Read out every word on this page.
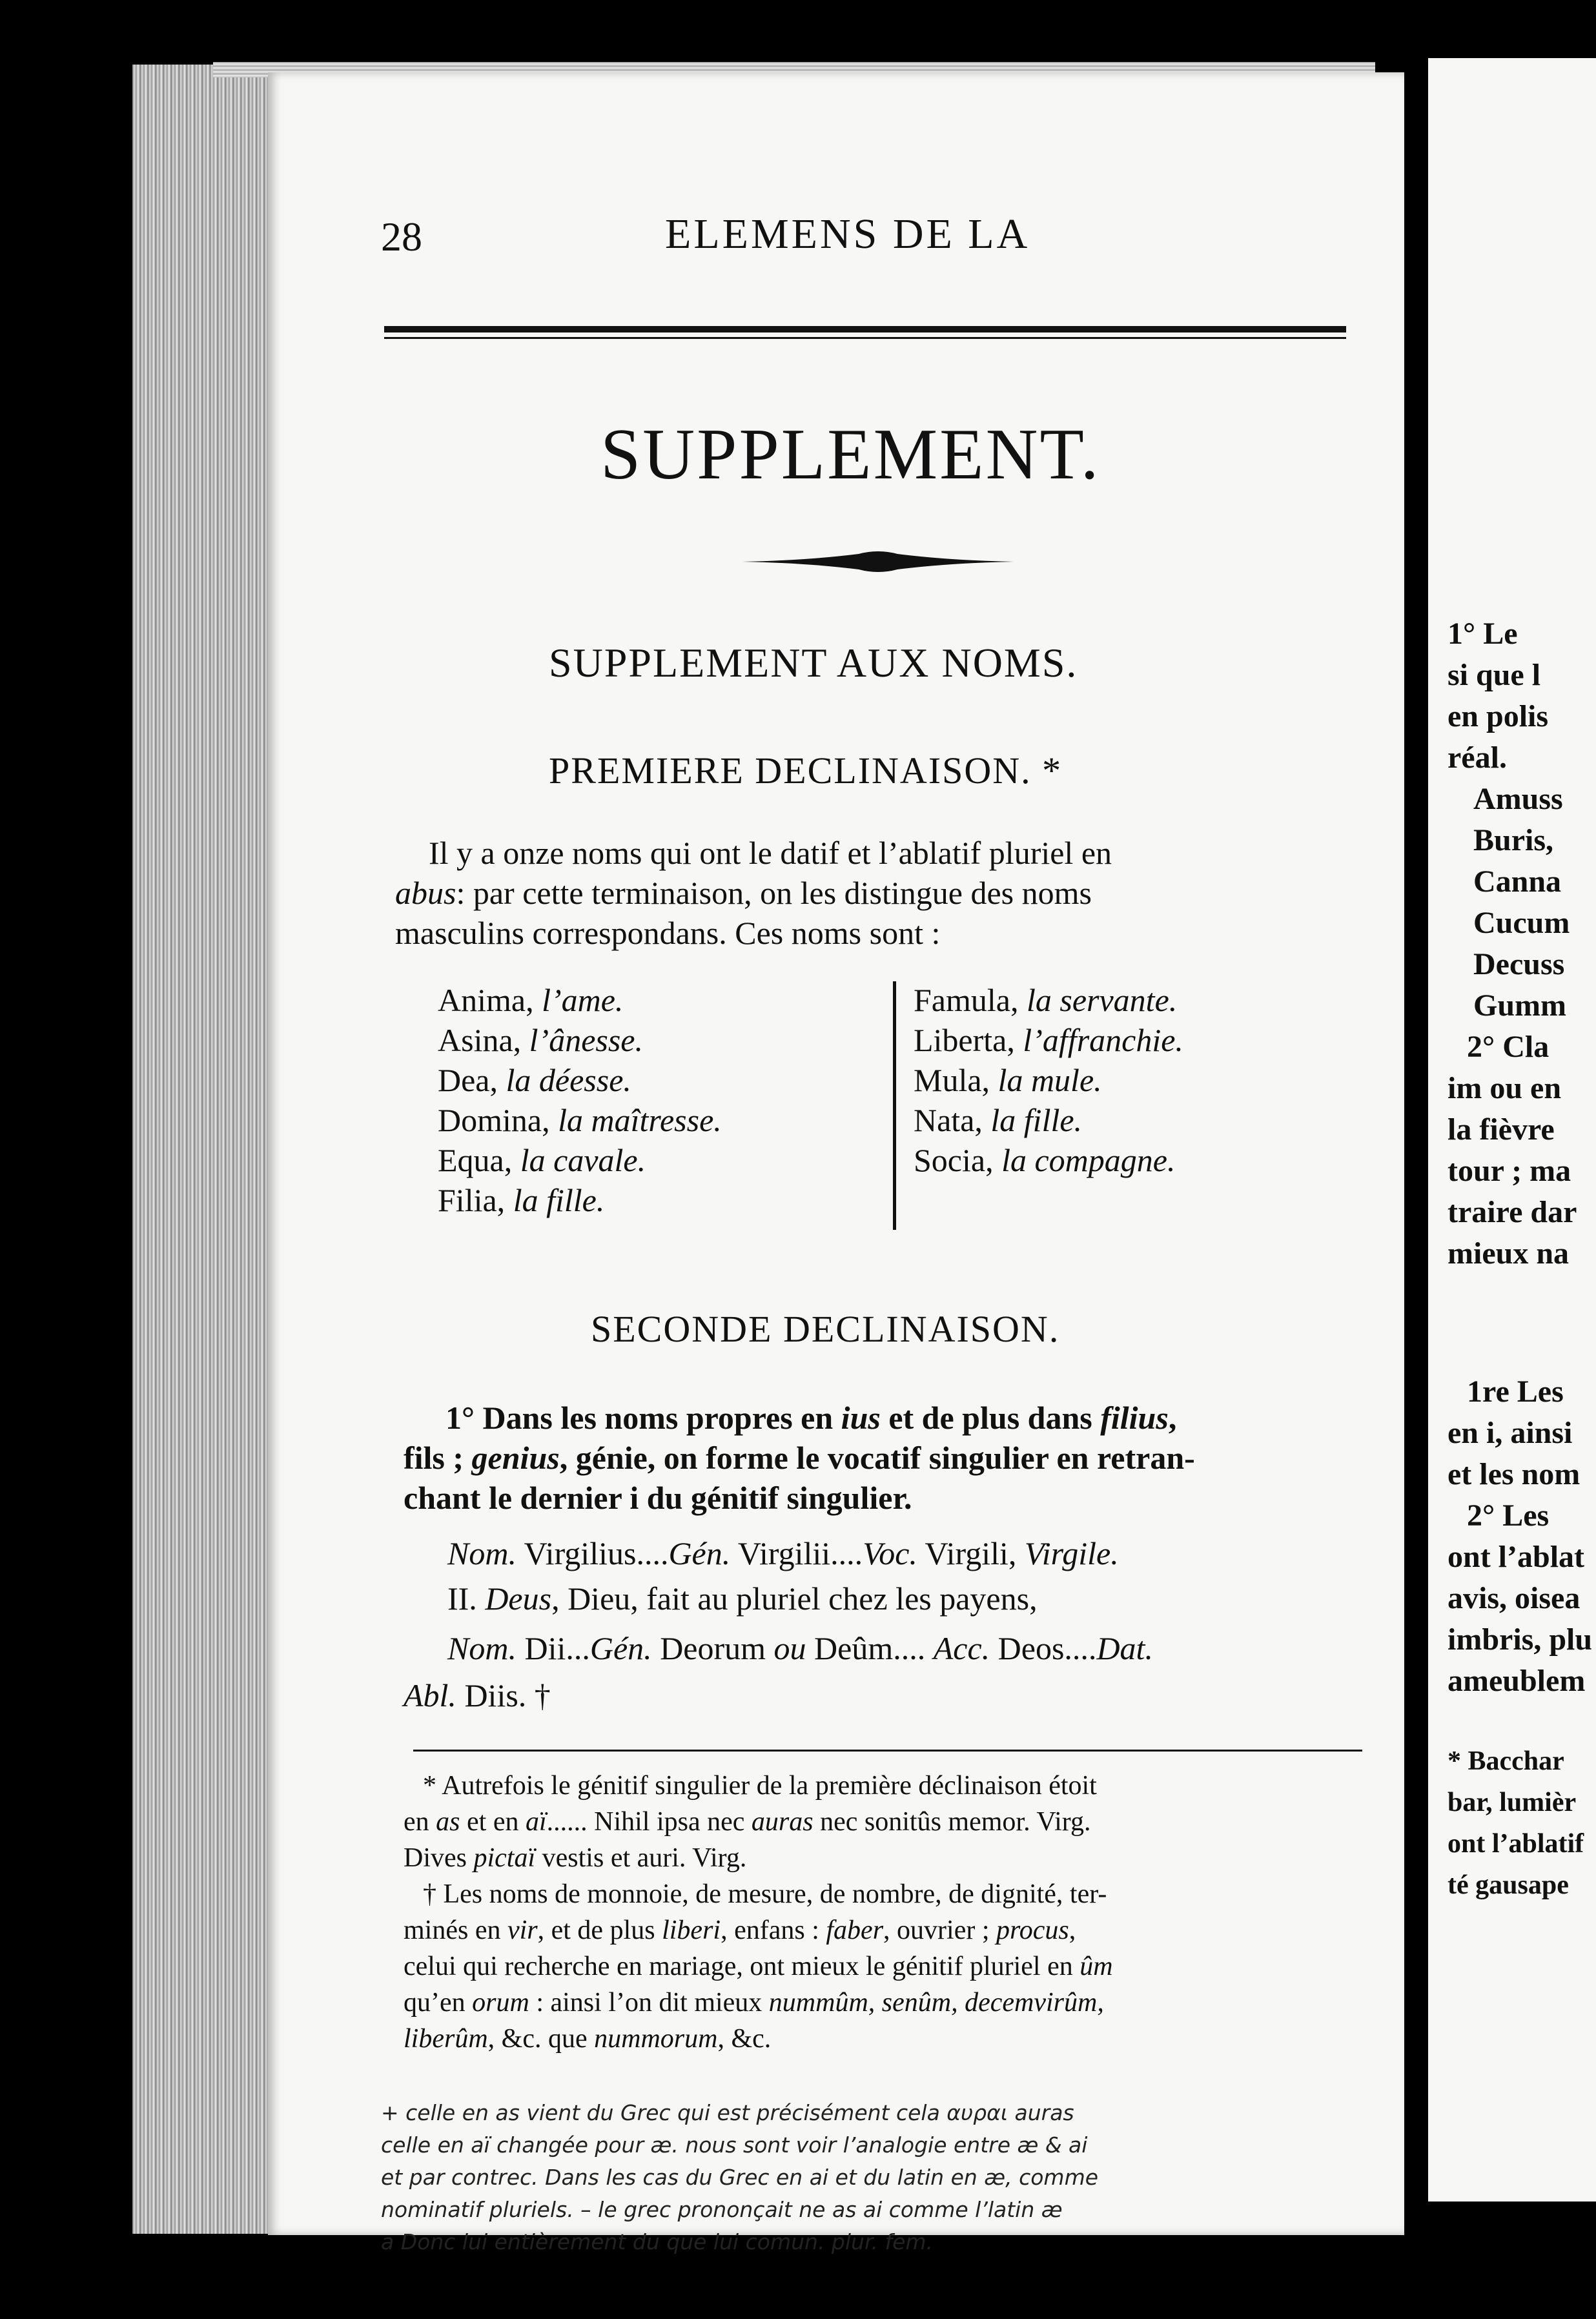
28	ELEMENS DE LA
SUPPLEMENT.
SUPPLEMENT AUX NOMS.
PREMIERE DECLINAISON. *

Il y a onze noms qui ont le datif et l’ablatif pluriel en

abus: par cette terminaison, on les distingue des noms

masculins correspondans. Ces noms sont :

Anima, l’ame.
Asina, l’ânesse.
Dea, la déesse.
Domina, la maîtresse.
Equa, la cavale.
Filia, la fille.
Famula, la servante.
Liberta, l’affranchie.
Mula, la mule.
Nata, la fille.
Socia, la compagne.
SECONDE DECLINAISON.

1° Dans les noms propres en ius et de plus dans filius,

fils ; genius, génie, on forme le vocatif singulier en retran-

chant le dernier i du génitif singulier.

Nom. Virgilius....Gén. Virgilii....Voc. Virgili, Virgile.
II. Deus, Dieu, fait au pluriel chez les payens,
Nom. Dii...Gén. Deorum ou Deûm.... Acc. Deos....Dat.
Abl. Diis. †
* Autrefois le génitif singulier de la première déclinaison étoit
en as et en aï...... Nihil ipsa nec auras nec sonitûs memor. Virg.
Dives pictaï vestis et auri. Virg.
† Les noms de monnoie, de mesure, de nombre, de dignité, ter-
minés en vir, et de plus liberi, enfans : faber, ouvrier ; procus,
celui qui recherche en mariage, ont mieux le génitif pluriel en ûm
qu’en orum : ainsi l’on dit mieux nummûm, senûm, decemvirûm,
liberûm, &c. que nummorum, &c.
+ celle en as vient du Grec qui est précisément cela αυραι auras
celle en aï changée pour æ. nous sont voir l’analogie entre æ & ai
et par contrec. Dans les cas du Grec en ai et du latin en æ, comme
nominatif pluriels. – le grec prononçait ne as ai comme l’latin æ
a Donc lui entièrement du que lui comun. plur. fem.
1° Le
si que l
en polis
réal.
Amuss
Buris,
Canna
Cucum
Decuss
Gumm
2° Cla
im ou en
la fièvre
tour ; ma
traire dar
mieux na
1re Les
en i, ainsi
et les nom
2° Les
ont l’ablat
avis, oisea
imbris, plu
ameublem
* Bacchar
bar, lumièr
ont l’ablatif
té gausape
